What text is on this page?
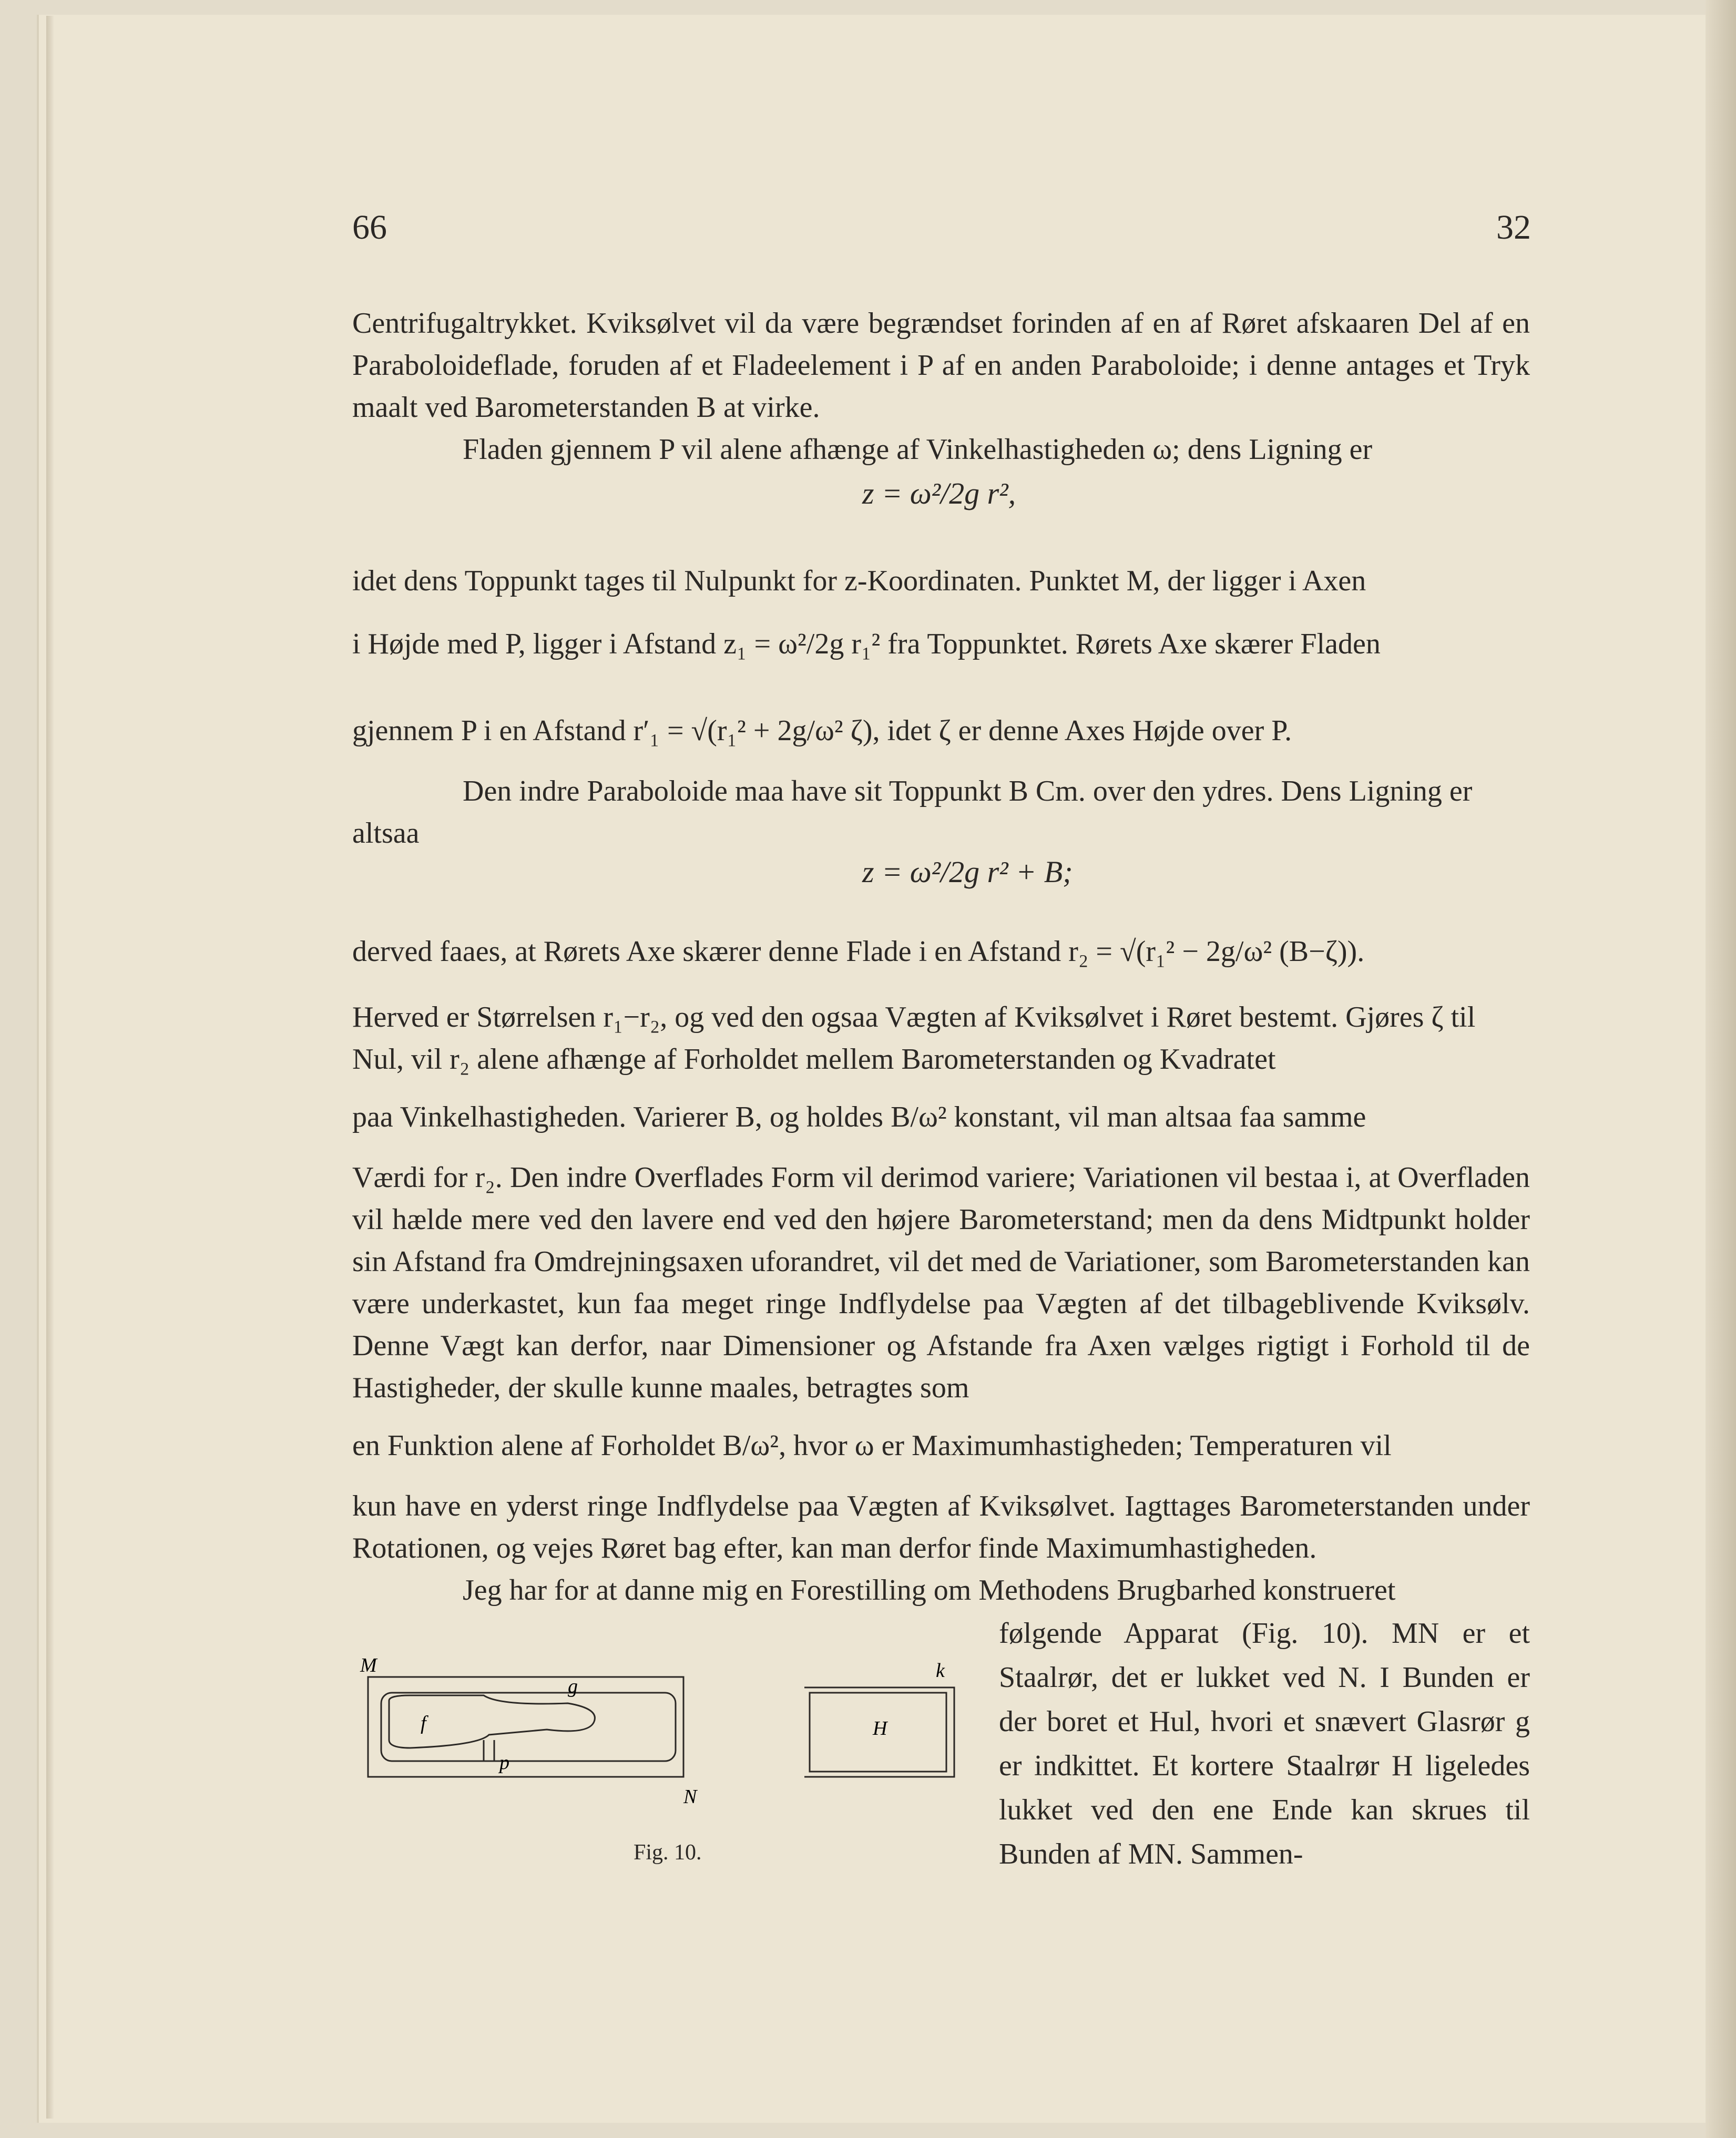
66	32
Centrifugaltrykket. Kviksølvet vil da være begrændset forinden af en af Røret afskaaren Del af en Paraboloideflade, foruden af et Fladeelement i P af en anden Paraboloide; i denne antages et Tryk maalt ved Barometerstanden B at virke.
Fladen gjennem P vil alene afhænge af Vinkelhastigheden ω; dens Ligning er
z = ω²/2g r²,
idet dens Toppunkt tages til Nulpunkt for z-Koordinaten. Punktet M, der ligger i Axen
i Højde med P, ligger i Afstand z₁ = ω²/2g r₁² fra Toppunktet. Rørets Axe skærer Fladen
gjennem P i en Afstand r′₁ = √(r₁² + 2g/ω² ζ), idet ζ er denne Axes Højde over P.
Den indre Paraboloide maa have sit Toppunkt B Cm. over den ydres. Dens Ligning er altsaa
z = ω²/2g r² + B;
derved faaes, at Rørets Axe skærer denne Flade i en Afstand r₂ = √(r₁² − 2g/ω² (B−ζ)).
Herved er Størrelsen r₁−r₂, og ved den ogsaa Vægten af Kviksølvet i Røret bestemt. Gjøres ζ til Nul, vil r₂ alene afhænge af Forholdet mellem Barometerstanden og Kvadratet
paa Vinkelhastigheden. Varierer B, og holdes B/ω² konstant, vil man altsaa faa samme
Værdi for r₂. Den indre Overflades Form vil derimod variere; Variationen vil bestaa i, at Overfladen vil hælde mere ved den lavere end ved den højere Barometerstand; men da dens Midtpunkt holder sin Afstand fra Omdrejningsaxen uforandret, vil det med de Variationer, som Barometerstanden kan være underkastet, kun faa meget ringe Indflydelse paa Vægten af det tilbageblivende Kviksølv. Denne Vægt kan derfor, naar Dimensioner og Afstande fra Axen vælges rigtigt i Forhold til de Hastigheder, der skulle kunne maales, betragtes som
en Funktion alene af Forholdet B/ω², hvor ω er Maximumhastigheden; Temperaturen vil
kun have en yderst ringe Indflydelse paa Vægten af Kviksølvet. Iagttages Barometerstanden under Rotationen, og vejes Røret bag efter, kan man derfor finde Maximumhastigheden.
Jeg har for at danne mig en Forestilling om Methodens Brugbarhed konstrueret
følgende Apparat (Fig. 10). MN er et Staalrør, det er lukket ved N. I Bunden er der boret et Hul, hvori et snævert Glasrør g er indkittet. Et kortere Staalrør H ligeledes lukket ved den ene Ende kan skrues til Bunden af MN. Sammen-
M
N
f
g
p
k
H
Fig. 10.
